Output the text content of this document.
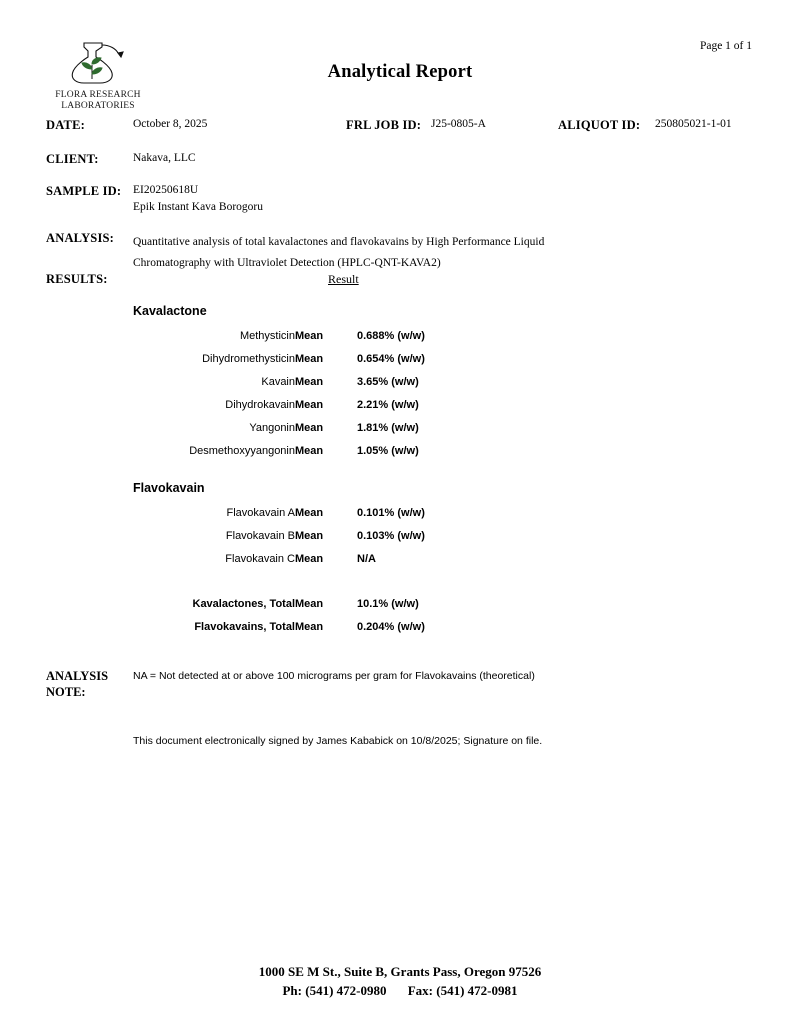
Page 1 of 1
FLORA RESEARCH
LABORATORIES
Analytical Report
DATE:	October 8, 2025	FRL JOB ID: J25-0805-A	ALIQUOT ID: 250805021-1-01
CLIENT:	Nakava, LLC
SAMPLE ID: EI20250618U
Epik Instant Kava Borogoru
ANALYSIS: Quantitative analysis of total kavalactones and flavokavains by High Performance Liquid
Chromatography with Ultraviolet Detection (HPLC-QNT-KAVA2)
RESULTS:	Result
Kavalactone
Methysticin	Mean	0.688% (w/w)
Dihydromethysticin	Mean	0.654% (w/w)
Kavain	Mean	3.65% (w/w)
Dihydrokavain	Mean	2.21% (w/w)
Yangonin	Mean	1.81% (w/w)
Desmethoxyyangonin	Mean	1.05% (w/w)
Flavokavain
Flavokavain A	Mean	0.101% (w/w)
Flavokavain B	Mean	0.103% (w/w)
Flavokavain C	Mean	N/A

Kavalactones, Total	Mean	10.1% (w/w)
Flavokavains, Total	Mean	0.204% (w/w)
ANALYSIS
NOTE:
NA = Not detected at or above 100 micrograms per gram for Flavokavains (theoretical)
This document electronically signed by James Kababick on 10/8/2025; Signature on file.
1000 SE M St., Suite B, Grants Pass, Oregon 97526
Ph: (541) 472-0980 Fax: (541) 472-0981
